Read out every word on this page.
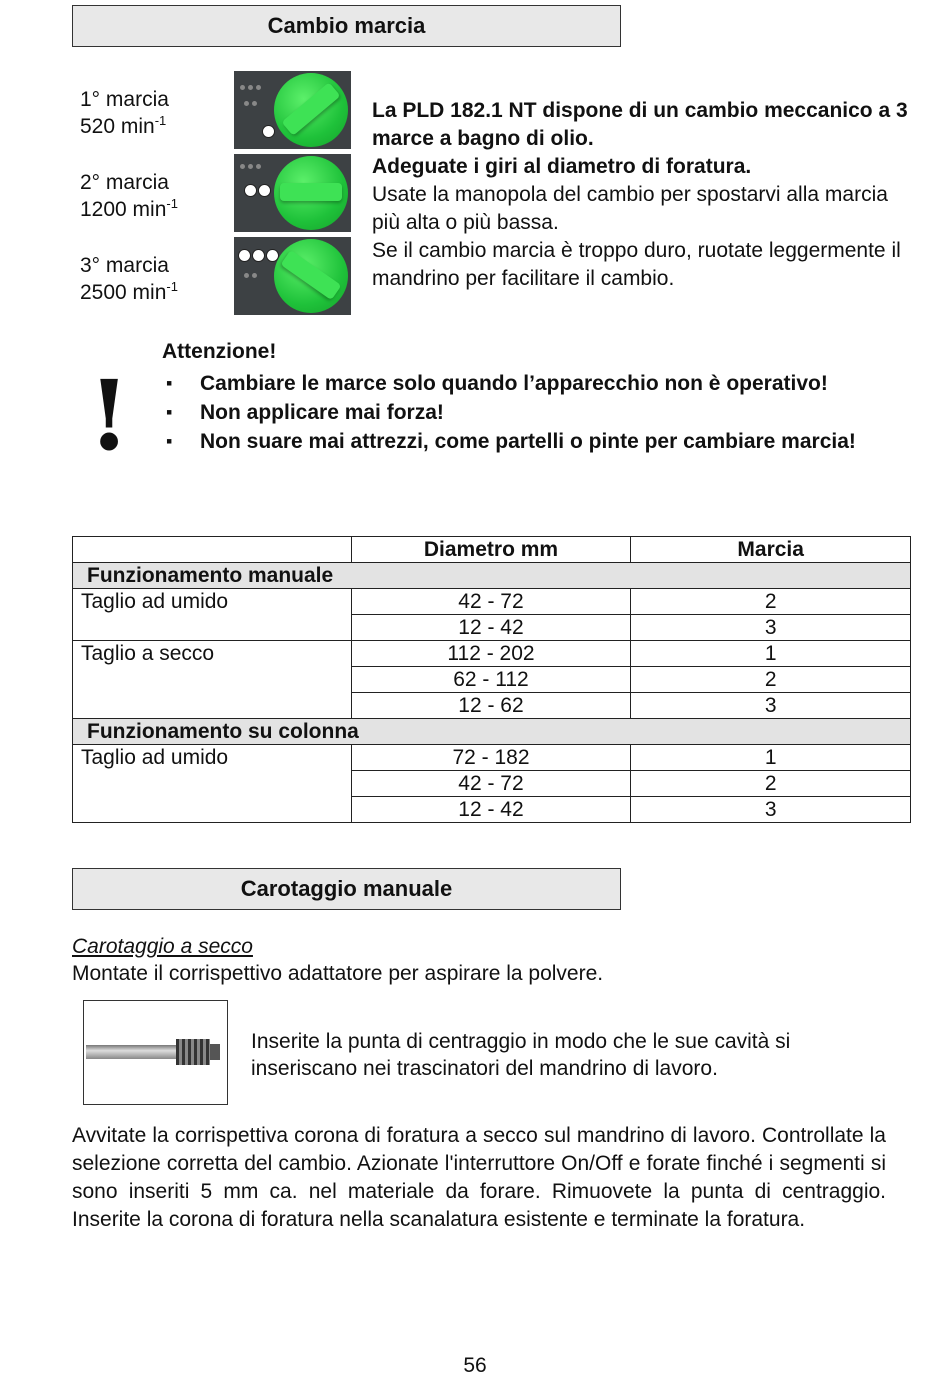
Cambio marcia
1° marcia
520 $\min^{-1}$
2° marcia
1200 $\min^{-1}$
3° marcia
2500 $\min^{-1}$
La PLD 182.1 NT dispone di un cambio meccanico a 3 marce a bagno di olio.
Adeguate i giri al diametro di foratura.
Usate la manopola del cambio per spostarvi alla marcia più alta o più bassa.
Se il cambio marcia è troppo duro, ruotate leggermente il mandrino per facilitare il cambio.
!
Attenzione!
▪ Cambiare le marce solo quando l’apparecchio non è operativo!
▪ Non applicare mai forza!
▪ Non suare mai attrezzi, come partelli o pinte per cambiare marcia!
	Diametro mm	Marcia
Funzionamento manuale		
Taglio ad umido	42 - 72	2
	12 - 42	3
Taglio a secco	112 - 202	1
	62 - 112	2
	12 - 62	3
Funzionamento su colonna		
Taglio ad umido	72 - 182	1
	42 - 72	2
	12 - 42	3
Carotaggio manuale
Carotaggio a secco
Montate il corrispettivo adattatore per aspirare la polvere.
Inserite la punta di centraggio in modo che le sue cavità si inseriscano nei trascinatori del mandrino di lavoro.

Avvitate la corrispettiva corona di foratura a secco sul mandrino di lavoro. Controllate la selezione corretta del cambio. Azionate l'interruttore On/Off e forate finché i segmenti si sono inseriti 5 mm ca. nel materiale da forare. Rimuovete la punta di centraggio. Inserite la corona di foratura nella scanalatura esistente e terminate la foratura.

56
